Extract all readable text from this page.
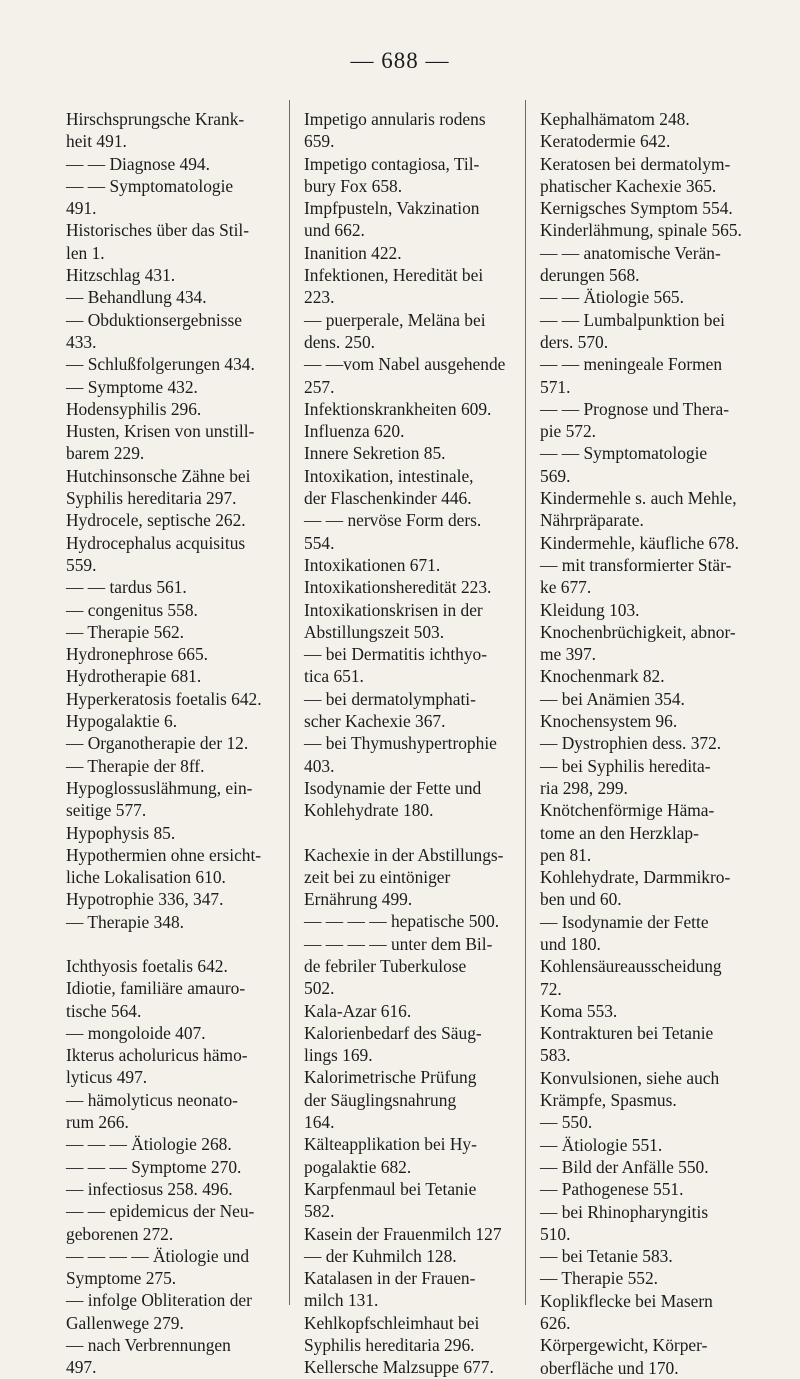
— 688 —

Hirschsprungsche Krank-
heit 491.

— — Diagnose 494.

— — Symptomatologie
491.

Historisches über das Stil-
len 1.

Hitzschlag 431.

— Behandlung 434.

— Obduktionsergebnisse
433.

— Schlußfolgerungen 434.

— Symptome 432.

Hodensyphilis 296.

Husten, Krisen von unstill-
barem 229.

Hutchinsonsche Zähne bei
Syphilis hereditaria 297.

Hydrocele, septische 262.

Hydrocephalus acquisitus
559.

— — tardus 561.

— congenitus 558.

— Therapie 562.

Hydronephrose 665.

Hydrotherapie 681.

Hyperkeratosis foetalis 642.

Hypogalaktie 6.

— Organotherapie der 12.

— Therapie der 8ff.

Hypoglossuslähmung, ein-
seitige 577.

Hypophysis 85.

Hypothermien ohne ersicht-
liche Lokalisation 610.

Hypotrophie 336, 347.

— Therapie 348.

Ichthyosis foetalis 642.

Idiotie, familiäre amauro-
tische 564.

— mongoloide 407.

Ikterus acholuricus hämo-
lyticus 497.

— hämolyticus neonato-
rum 266.

— — — Ätiologie 268.

— — — Symptome 270.

— infectiosus 258. 496.

— — epidemicus der Neu-
geborenen 272.

— — — — Ätiologie und
Symptome 275.

— infolge Obliteration der
Gallenwege 279.

— nach Verbrennungen
497.

Impetigo annularis rodens
659.

Impetigo contagiosa, Til-
bury Fox 658.

Impfpusteln, Vakzination
und 662.

Inanition 422.

Infektionen, Heredität bei
223.

— puerperale, Meläna bei
dens. 250.

— —vom Nabel ausgehende
257.

Infektionskrankheiten 609.

Influenza 620.

Innere Sekretion 85.

Intoxikation, intestinale,
der Flaschenkinder 446.

— — nervöse Form ders.
554.

Intoxikationen 671.

Intoxikationsheredität 223.

Intoxikationskrisen in der
Abstillungszeit 503.

— bei Dermatitis ichthyo-
tica 651.

— bei dermatolymphati-
scher Kachexie 367.

— bei Thymushypertrophie
403.

Isodynamie der Fette und
Kohlehydrate 180.

Kachexie in der Abstillungs-
zeit bei zu eintöniger
Ernährung 499.

— — — — hepatische 500.

— — — — unter dem Bil-
de febriler Tuberkulose
502.

Kala-Azar 616.

Kalorienbedarf des Säug-
lings 169.

Kalorimetrische Prüfung
der Säuglingsnahrung
164.

Kälteapplikation bei Hy-
pogalaktie 682.

Karpfenmaul bei Tetanie
582.

Kasein der Frauenmilch 127

— der Kuhmilch 128.

Katalasen in der Frauen-
milch 131.

Kehlkopfschleimhaut bei
Syphilis hereditaria 296.

Kellersche Malzsuppe 677.

Kephalhämatom 248.

Keratodermie 642.

Keratosen bei dermatolym-
phatischer Kachexie 365.

Kernigsches Symptom 554.

Kinderlähmung, spinale 565.

— — anatomische Verän-
derungen 568.

— — Ätiologie 565.

— — Lumbalpunktion bei
ders. 570.

— — meningeale Formen
571.

— — Prognose und Thera-
pie 572.

— — Symptomatologie
569.

Kindermehle s. auch Mehle,
Nährpräparate.

Kindermehle, käufliche 678.

— mit transformierter Stär-
ke 677.

Kleidung 103.

Knochenbrüchigkeit, abnor-
me 397.

Knochenmark 82.

— bei Anämien 354.

Knochensystem 96.

— Dystrophien dess. 372.

— bei Syphilis heredita-
ria 298, 299.

Knötchenförmige Häma-
tome an den Herzklap-
pen 81.

Kohlehydrate, Darmmikro-
ben und 60.

— Isodynamie der Fette
und 180.

Kohlensäureausscheidung
72.

Koma 553.

Kontrakturen bei Tetanie
583.

Konvulsionen, siehe auch
Krämpfe, Spasmus.

— 550.

— Ätiologie 551.

— Bild der Anfälle 550.

— Pathogenese 551.

— bei Rhinopharyngitis
510.

— bei Tetanie 583.

— Therapie 552.

Koplikflecke bei Masern
626.

Körpergewicht, Körper-
oberfläche und 170.
